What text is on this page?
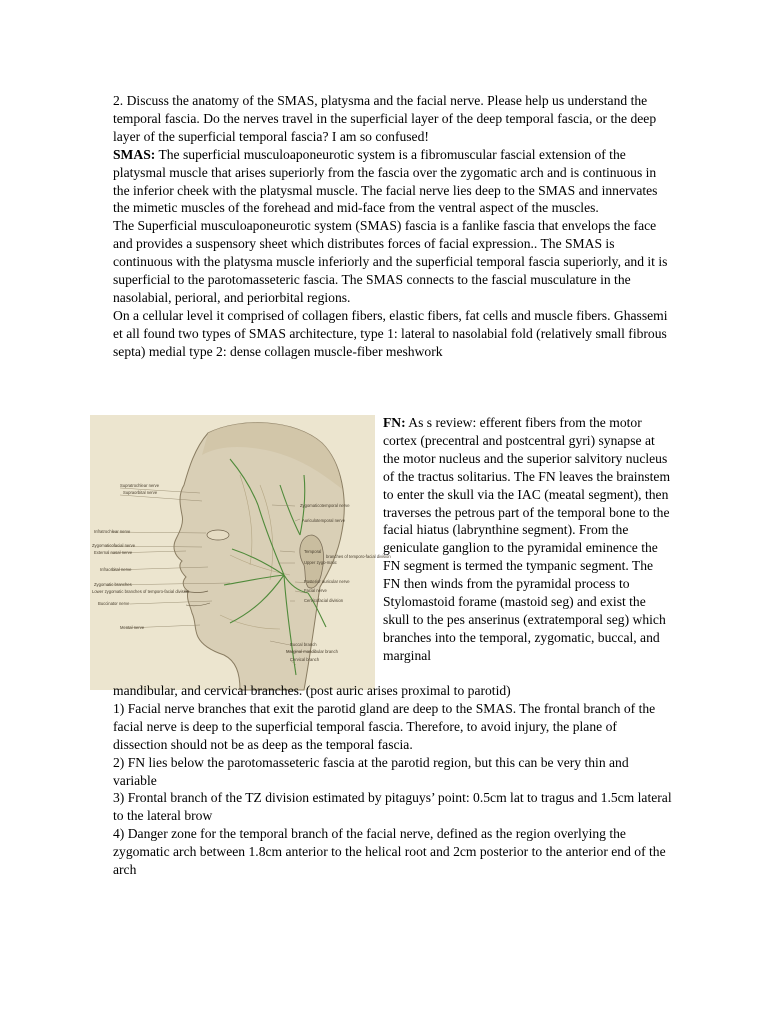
2. Discuss the anatomy of the SMAS, platysma and the facial nerve. Please help us understand the temporal fascia. Do the nerves travel in the superficial layer of the deep temporal fascia, or the deep layer of the superficial temporal fascia? I am so confused!

SMAS: The superficial musculoaponeurotic system is a fibromuscular fascial extension of the platysmal muscle that arises superiorly from the fascia over the zygomatic arch and is continuous in the inferior cheek with the platysmal muscle. The facial nerve lies deep to the SMAS and innervates the mimetic muscles of the forehead and mid-face from the ventral aspect of the muscles.

The Superficial musculoaponeurotic system (SMAS) fascia is a fanlike fascia that envelops the face and provides a suspensory sheet which distributes forces of facial expression.. The SMAS is continuous with the platysma muscle inferiorly and the superficial temporal fascia superiorly, and it is superficial to the parotomasseteric fascia. The SMAS connects to the fascial musculature in the nasolabial, perioral, and periorbital regions.

On a cellular level it comprised of collagen fibers, elastic fibers, fat cells and muscle fibers. Ghassemi et all found two types of SMAS architecture, type 1: lateral to nasolabial fold (relatively small fibrous septa) medial type 2: dense collagen muscle-fiber meshwork

Supratrochlear nerve
Supraorbital nerve
Infratrochlear nerve
Zygomaticofacial nerve
External nasal nerve
Infraorbital nerve
Zygomatic branches
Lower zygomatic branches of temporo-facial division
Buccinator nerve
Mental nerve
Zygomaticotemporal nerve
Auriculotemporal nerve
Temporal
Upper zygo-matic
branches of temporo-facial division
Posterior auricular nerve
Facial nerve
Cervicofacial division
Buccal branch
Marginal mandibular branch
Cervical branch

FN: As s review: efferent fibers from the motor cortex (precentral and postcentral gyri) synapse at the motor nucleus and the superior salvitory nucleus of the tractus solitarius. The FN leaves the brainstem to enter the skull via the IAC (meatal segment), then traverses the petrous part of the temporal bone to the facial hiatus (labrynthine segment). From the geniculate ganglion to the pyramidal eminence the FN segment is termed the tympanic segment. The FN then winds from the pyramidal process to Stylomastoid forame (mastoid seg) and exist the skull to the pes anserinus (extratemporal seg) which branches into the temporal, zygomatic, buccal, and marginal

mandibular, and cervical branches. (post auric arises proximal to parotid)

1) Facial nerve branches that exit the parotid gland are deep to the SMAS. The frontal branch of the facial nerve is deep to the superficial temporal fascia. Therefore, to avoid injury, the plane of dissection should not be as deep as the temporal fascia.

2) FN lies below the parotomasseteric fascia at the parotid region, but this can be very thin and variable

3) Frontal branch of the TZ division estimated by pitaguys’ point: 0.5cm lat to tragus and 1.5cm lateral to the lateral brow

4) Danger zone for the temporal branch of the facial nerve, defined as the region overlying the zygomatic arch between 1.8cm anterior to the helical root and 2cm posterior to the anterior end of the arch
